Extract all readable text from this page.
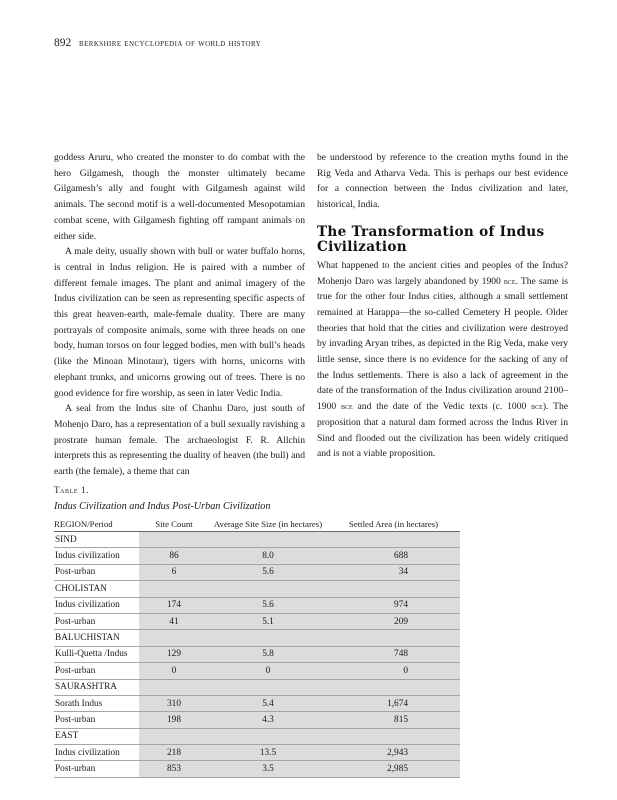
892 berkshire encyclopedia of world history

goddess Aruru, who created the monster to do combat with the hero Gilgamesh, though the monster ultimately became Gilgamesh’s ally and fought with Gilgamesh against wild animals. The second motif is a well-documented Mesopotamian combat scene, with Gilgamesh fighting off rampant animals on either side.

A male deity, usually shown with bull or water buffalo horns, is central in Indus religion. He is paired with a number of different female images. The plant and animal imagery of the Indus civilization can be seen as representing specific aspects of this great heaven-earth, male-female duality. There are many portrayals of composite animals, some with three heads on one body, human torsos on four legged bodies, men with bull’s heads (like the Minoan Minotaur), tigers with horns, unicorns with elephant trunks, and unicorns growing out of trees. There is no good evidence for fire worship, as seen in later Vedic India.

A seal from the Indus site of Chanhu Daro, just south of Mohenjo Daro, has a representation of a bull sexually ravishing a prostrate human female. The archaeologist F. R. Allchin interprets this as representing the duality of heaven (the bull) and earth (the female), a theme that can

be understood by reference to the creation myths found in the Rig Veda and Atharva Veda. This is perhaps our best evidence for a connection between the Indus civilization and later, historical, India.

The Transformation of Indus Civilization

What happened to the ancient cities and peoples of the Indus? Mohenjo Daro was largely abandoned by 1900 bce. The same is true for the other four Indus cities, although a small settlement remained at Harappa—the so-called Cemetery H people. Older theories that hold that the cities and civilization were destroyed by invading Aryan tribes, as depicted in the Rig Veda, make very little sense, since there is no evidence for the sacking of any of the Indus settlements. There is also a lack of agreement in the date of the transformation of the Indus civilization around 2100–1900 bce and the date of the Vedic texts (c. 1000 bce). The proposition that a natural dam formed across the Indus River in Sind and flooded out the civilization has been widely critiqued and is not a viable proposition.

Table 1.
Indus Civilization and Indus Post-Urban Civilization
REGION/Period	Site Count	Average Site Size (in hectares)	Settled Area (in hectares)
SIND			
Indus civilization	86	8.0	688
Post-urban	6	5.6	34
CHOLISTAN			
Indus civilization	174	5.6	974
Post-urban	41	5.1	209
BALUCHISTAN			
Kulli-Quetta /Indus	129	5.8	748
Post-urban	0	0	0
SAURASHTRA			
Sorath Indus	310	5.4	1,674
Post-urban	198	4.3	815
EAST			
Indus civilization	218	13.5	2,943
Post-urban	853	3.5	2,985
